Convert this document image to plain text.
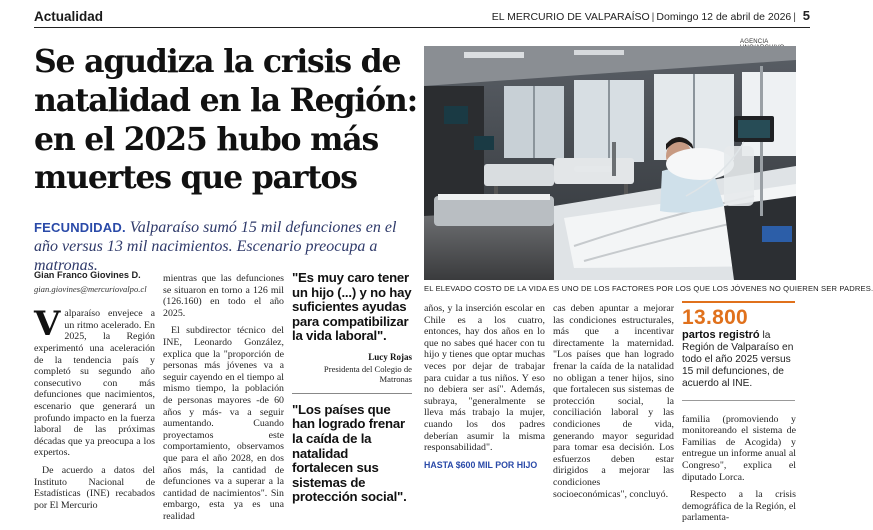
Actualidad	EL MERCURIO DE VALPARAÍSO | Domingo 12 de abril de 2026 | 5
Se agudiza la crisis de natalidad en la Región: en el 2025 hubo más muertes que partos
FECUNDIDAD. Valparaíso sumó 15 mil defunciones en el año versus 13 mil nacimientos. Escenario preocupa a matronas.
AGENCIA
EL ELEVADO COSTO DE LA VIDA ES UNO DE LOS FACTORES POR LOS QUE LOS JÓVENES NO QUIEREN SER PADRES.
Gian Franco Giovines D.
gian.giovines@mercuriovalpo.cl

Valparaíso envejece a un ritmo acelerado. En 2025, la Región experimentó una aceleración de la tendencia país y completó su segundo año consecutivo con más defunciones que nacimientos, escenario que generará un profundo impacto en la fuerza laboral de las próximas décadas que ya preocupa a los expertos.

De acuerdo a datos del Instituto Nacional de Estadísticas (INE) recabados por El Mercurio

mientras que las defunciones se situaron en torno a 126 mil (126.160) en todo el año 2025.

El subdirector técnico del INE, Leonardo González, explica que la "proporción de personas más jóvenes va a seguir cayendo en el tiempo al mismo tiempo, la población de personas mayores -de 60 años y más- va a seguir aumentando. Cuando proyectamos este comportamiento, observamos que para el año 2028, en dos años más, la cantidad de defunciones va a superar a la cantidad de nacimientos". Sin embargo, esta ya es una realidad

"Es muy caro tener un hijo (...) y no hay suficientes ayudas para compatibilizar la vida laboral".
Lucy Rojas
Presidenta del Colegio de Matronas
"Los países que han logrado frenar la caída de la natalidad fortalecen sus sistemas de protección social".

años, y la inserción escolar en Chile es a los cuatro, entonces, hay dos años en lo que no sabes qué hacer con tu hijo y tienes que optar muchas veces por dejar de trabajar para cuidar a tus niños. Y eso no debiera ser así". Además, subraya, "generalmente se lleva más trabajo la mujer, cuando los dos padres deberían asumir la misma responsabilidad".

HASTA $600 MIL POR HIJO

cas deben apuntar a mejorar las condiciones estructurales, más que a incentivar directamente la maternidad. "Los países que han logrado frenar la caída de la natalidad no obligan a tener hijos, sino que fortalecen sus sistemas de protección social, la conciliación laboral y las condiciones de vida, generando mayor seguridad para tomar esa decisión. Los esfuerzos deben estar dirigidos a mejorar las condiciones socioeconómicas", concluyó.

13.800
partos registró la Región de Valparaíso en todo el año 2025 versus 15 mil defunciones, de acuerdo al INE.

familia (promoviendo y monitoreando el sistema de Familias de Acogida) y entregue un informe anual al Congreso", explica el diputado Lorca.

Respecto a la crisis demográfica de la Región, el parlamenta-
